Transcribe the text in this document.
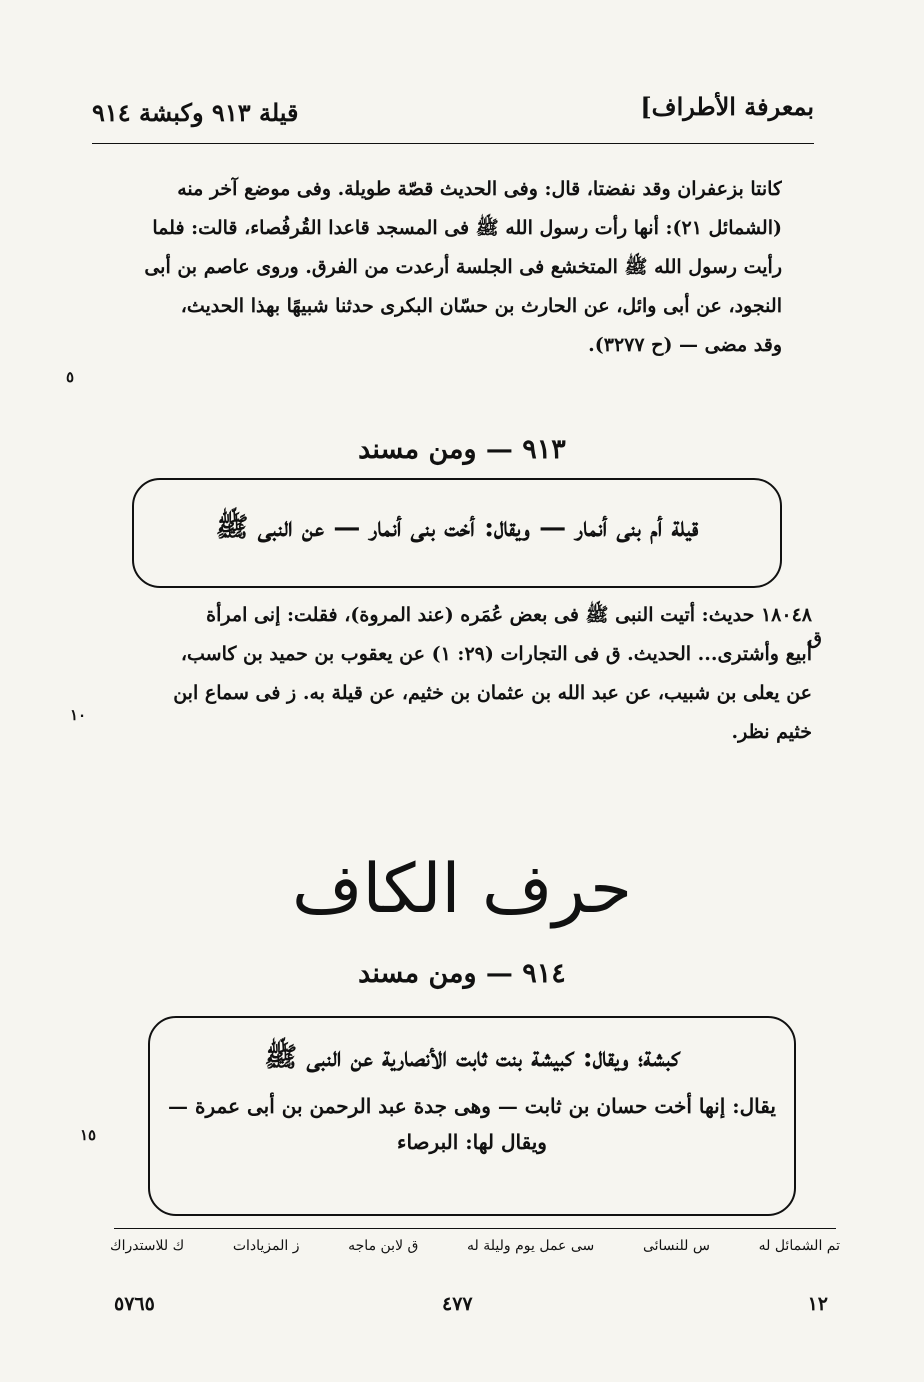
بمعرفة الأطراف]
قيلة ٩١٣ وكبشة ٩١٤
كانتا بزعفران وقد نفضتا، قال: وفى الحديث قصّة طويلة. وفى موضع آخر منه
(الشمائل ٢١): أنها رأت رسول الله ﷺ فى المسجد قاعدا القُرفُصاء، قالت: فلما
رأيت رسول الله ﷺ المتخشع فى الجلسة أرعدت من الفرق. وروى عاصم بن أبى
النجود، عن أبى وائل، عن الحارث بن حسّان البكرى حدثنا شبيهًا بهذا الحديث،
وقد مضى — (ح ٣٢٧٧).
٥
٩١٣ — ومن مسند
قيلة أم بنى أنمار — ويقال: أخت بنى أنمار — عن النبى ﷺ
١٨٠٤٨ حديث: أتيت النبى ﷺ فى بعض عُمَره (عند المروة)، فقلت: إنى امرأة
أبيع وأشترى... الحديث. ق فى التجارات (٢٩: ١) عن يعقوب بن حميد بن كاسب،
عن يعلى بن شبيب، عن عبد الله بن عثمان بن خثيم، عن قيلة به. ز فى سماع ابن
خثيم نظر.
ق
١٠
حرف الكاف
٩١٤ — ومن مسند
كبشة؛ ويقال: كبيشة بنت ثابت الأنصارية عن النبى ﷺ
يقال: إنها أخت حسان بن ثابت — وهى جدة عبد الرحمن بن أبى عمرة —
ويقال لها: البرصاء
١٥
تم الشمائل له
س للنسائى
سى عمل يوم وليلة له
ق لابن ماجه
ز المزيادات
ك للاستدراك
١٢
٤٧٧
٥٧٦٥
